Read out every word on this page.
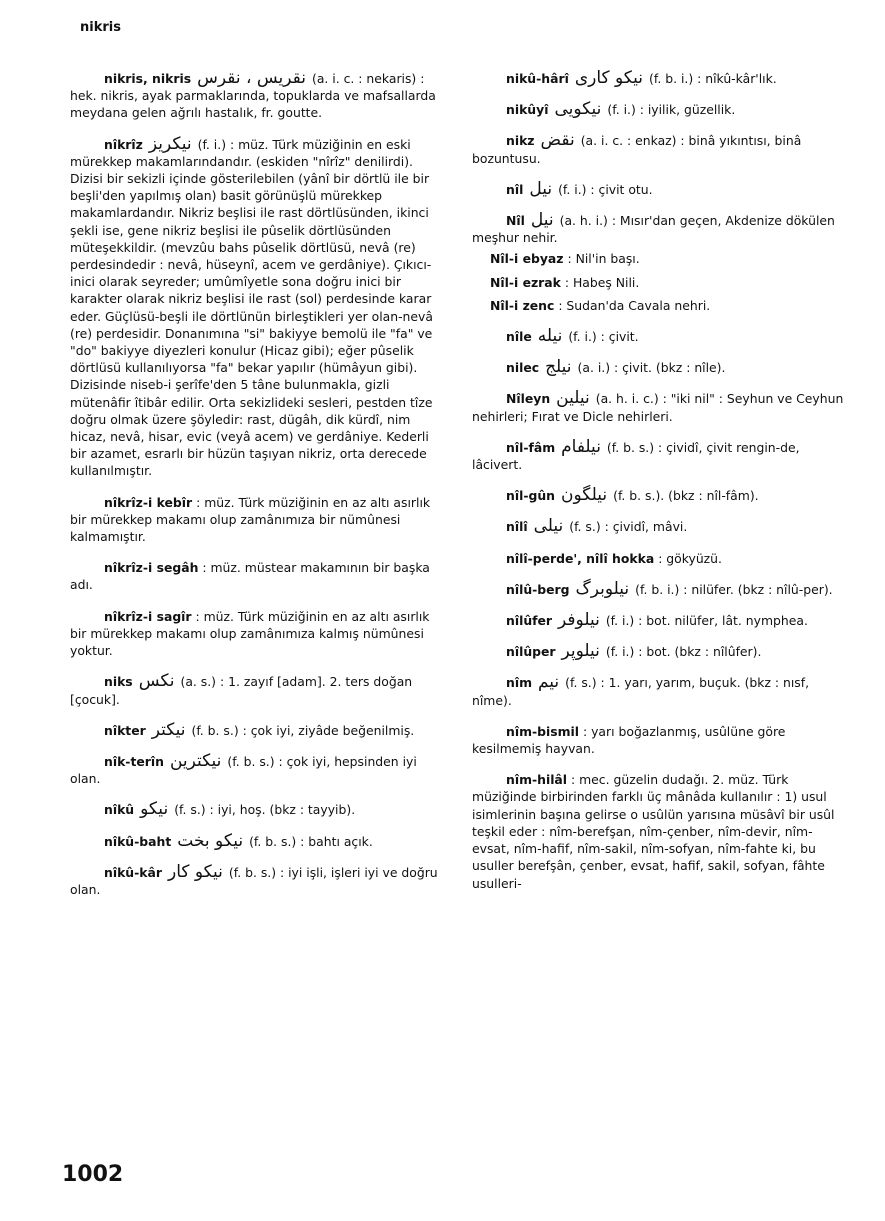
nikris

nikris, nikris نقريس ، نقرس (a. i. c. : nekaris) : hek. nikris, ayak parmaklarında, topuklarda ve mafsallarda meydana gelen ağrılı hastalık, fr. goutte.

nîkrîz نيكريز (f. i.) : müz. Türk müziğinin en eski mürekkep makamlarındandır. (eskiden "nîrîz" denilirdi). Dizisi bir sekizli içinde gösterilebilen (yânî bir dörtlü ile bir beşli'den yapılmış olan) basit görünüşlü mürekkep makamlardandır. Nikriz beşlisi ile rast dörtlüsünden, ikinci şekli ise, gene nikriz beşlisi ile pûselik dörtlüsünden müteşekkildir. (mevzûu bahs pûselik dörtlüsü, nevâ (re) perdesindedir : nevâ, hüseynî, acem ve gerdâniye). Çıkıcı-inici olarak seyreder; umûmîyetle sona doğru inici bir karakter olarak nikriz beşlisi ile rast (sol) perdesinde karar eder. Güçlüsü-beşli ile dörtlünün birleştikleri yer olan-nevâ (re) perdesidir. Donanımına "si" bakiyye bemolü ile "fa" ve "do" bakiyye diyezleri konulur (Hicaz gibi); eğer pûselik dörtlüsü kullanılıyorsa "fa" bekar yapılır (hümâyun gibi). Dizisinde niseb-i şerîfe'den 5 tâne bulunmakla, gizli mütenâfir îtibâr edilir. Orta sekizlideki sesleri, pestden tîze doğru olmak üzere şöyledir: rast, dügâh, dik kürdî, nim hicaz, nevâ, hisar, evic (veyâ acem) ve gerdâniye. Kederli bir azamet, esrarlı bir hüzün taşıyan nikriz, orta derecede kullanılmıştır.

nîkrîz-i kebîr : müz. Türk müziğinin en az altı asırlık bir mürekkep makamı olup zamânımıza bir nümûnesi kalmamıştır.

nîkrîz-i segâh : müz. müstear makamının bir başka adı.

nîkrîz-i sagîr : müz. Türk müziğinin en az altı asırlık bir mürekkep makamı olup zamânımıza kalmış nümûnesi yoktur.

niks نكس (a. s.) : 1. zayıf [adam]. 2. ters doğan [çocuk].

nîkter نيكتر (f. b. s.) : çok iyi, ziyâde beğenilmiş.

nîk-terîn نيكترين (f. b. s.) : çok iyi, hepsinden iyi olan.

nîkû نيكو (f. s.) : iyi, hoş. (bkz : tayyib).

nîkû-baht نيكو بخت (f. b. s.) : bahtı açık.

nîkû-kâr نيكو كار (f. b. s.) : iyi işli, işleri iyi ve doğru olan.

nikû-hârî نيكو كارى (f. b. i.) : nîkû-kâr'lık.

nikûyî نيكويى (f. i.) : iyilik, güzellik.

nikz نقض (a. i. c. : enkaz) : binâ yıkıntısı, binâ bozuntusu.

nîl نيل (f. i.) : çivit otu.

Nîl نيل (a. h. i.) : Mısır'dan geçen, Akdenize dökülen meşhur nehir.

Nîl-i ebyaz : Nil'in başı.

Nîl-i ezrak : Habeş Nili.

Nîl-i zenc : Sudan'da Cavala nehri.

nîle نيله (f. i.) : çivit.

nilec نيلج (a. i.) : çivit. (bkz : nîle).

Nîleyn نيلين (a. h. i. c.) : "iki nil" : Seyhun ve Ceyhun nehirleri; Fırat ve Dicle nehirleri.

nîl-fâm نيلفام (f. b. s.) : çividî, çivit rengin-de, lâcivert.

nîl-gûn نيلگون (f. b. s.). (bkz : nîl-fâm).

nîlî نيلى (f. s.) : çividî, mâvi.

nîlî-perde', nîlî hokka : gökyüzü.

nîlû-berg نيلوبرگ (f. b. i.) : nilüfer. (bkz : nîlû-per).

nîlûfer نيلوفر (f. i.) : bot. nilüfer, lât. nymphea.

nîlûper نيلوپر (f. i.) : bot. (bkz : nîlûfer).

nîm نيم (f. s.) : 1. yarı, yarım, buçuk. (bkz : nısf, nîme).

nîm-bismil : yarı boğazlanmış, usûlüne göre kesilmemiş hayvan.

nîm-hilâl : mec. güzelin dudağı. 2. müz. Türk müziğinde birbirinden farklı üç mânâda kullanılır : 1) usul isimlerinin başına gelirse o usûlün yarısına müsâvî bir usûl teşkil eder : nîm-berefşan, nîm-çenber, nîm-devir, nîm-evsat, nîm-hafif, nîm-sakil, nîm-sofyan, nîm-fahte ki, bu usuller berefşân, çenber, evsat, hafif, sakil, sofyan, fâhte usulleri-

1002
